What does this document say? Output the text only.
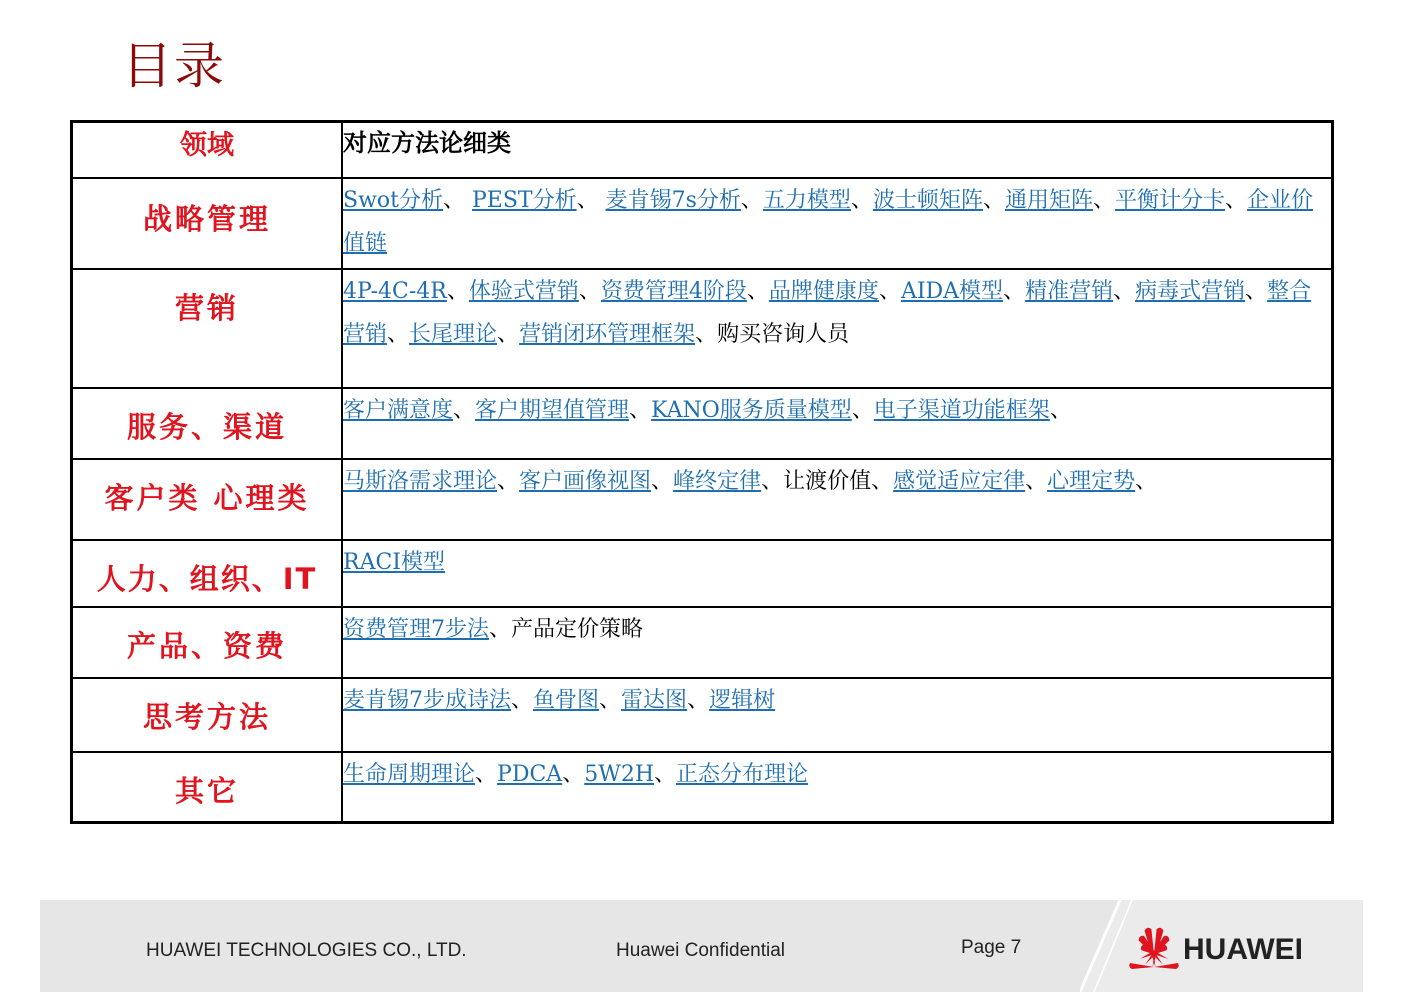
目录
领域	对应方法论细类
战略管理	Swot分析、 PEST分析、 麦肯锡7s分析、五力模型、波士顿矩阵、通用矩阵、平衡计分卡、企业价值链
营销	4P-4C-4R、体验式营销、资费管理4阶段、品牌健康度、AIDA模型、精准营销、病毒式营销、整合营销、长尾理论、营销闭环管理框架、购买咨询人员
服务、渠道	客户满意度、客户期望值管理、KANO服务质量模型、电子渠道功能框架、
客户类 心理类	马斯洛需求理论、客户画像视图、峰终定律、让渡价值、感觉适应定律、心理定势、
人力、组织、IT	RACI模型
产品、资费	资费管理7步法、产品定价策略
思考方法	麦肯锡7步成诗法、鱼骨图、雷达图、逻辑树
其它	生命周期理论、PDCA、5W2H、正态分布理论
HUAWEI TECHNOLOGIES CO., LTD.	Huawei Confidential	Page 7	HUAWEI
